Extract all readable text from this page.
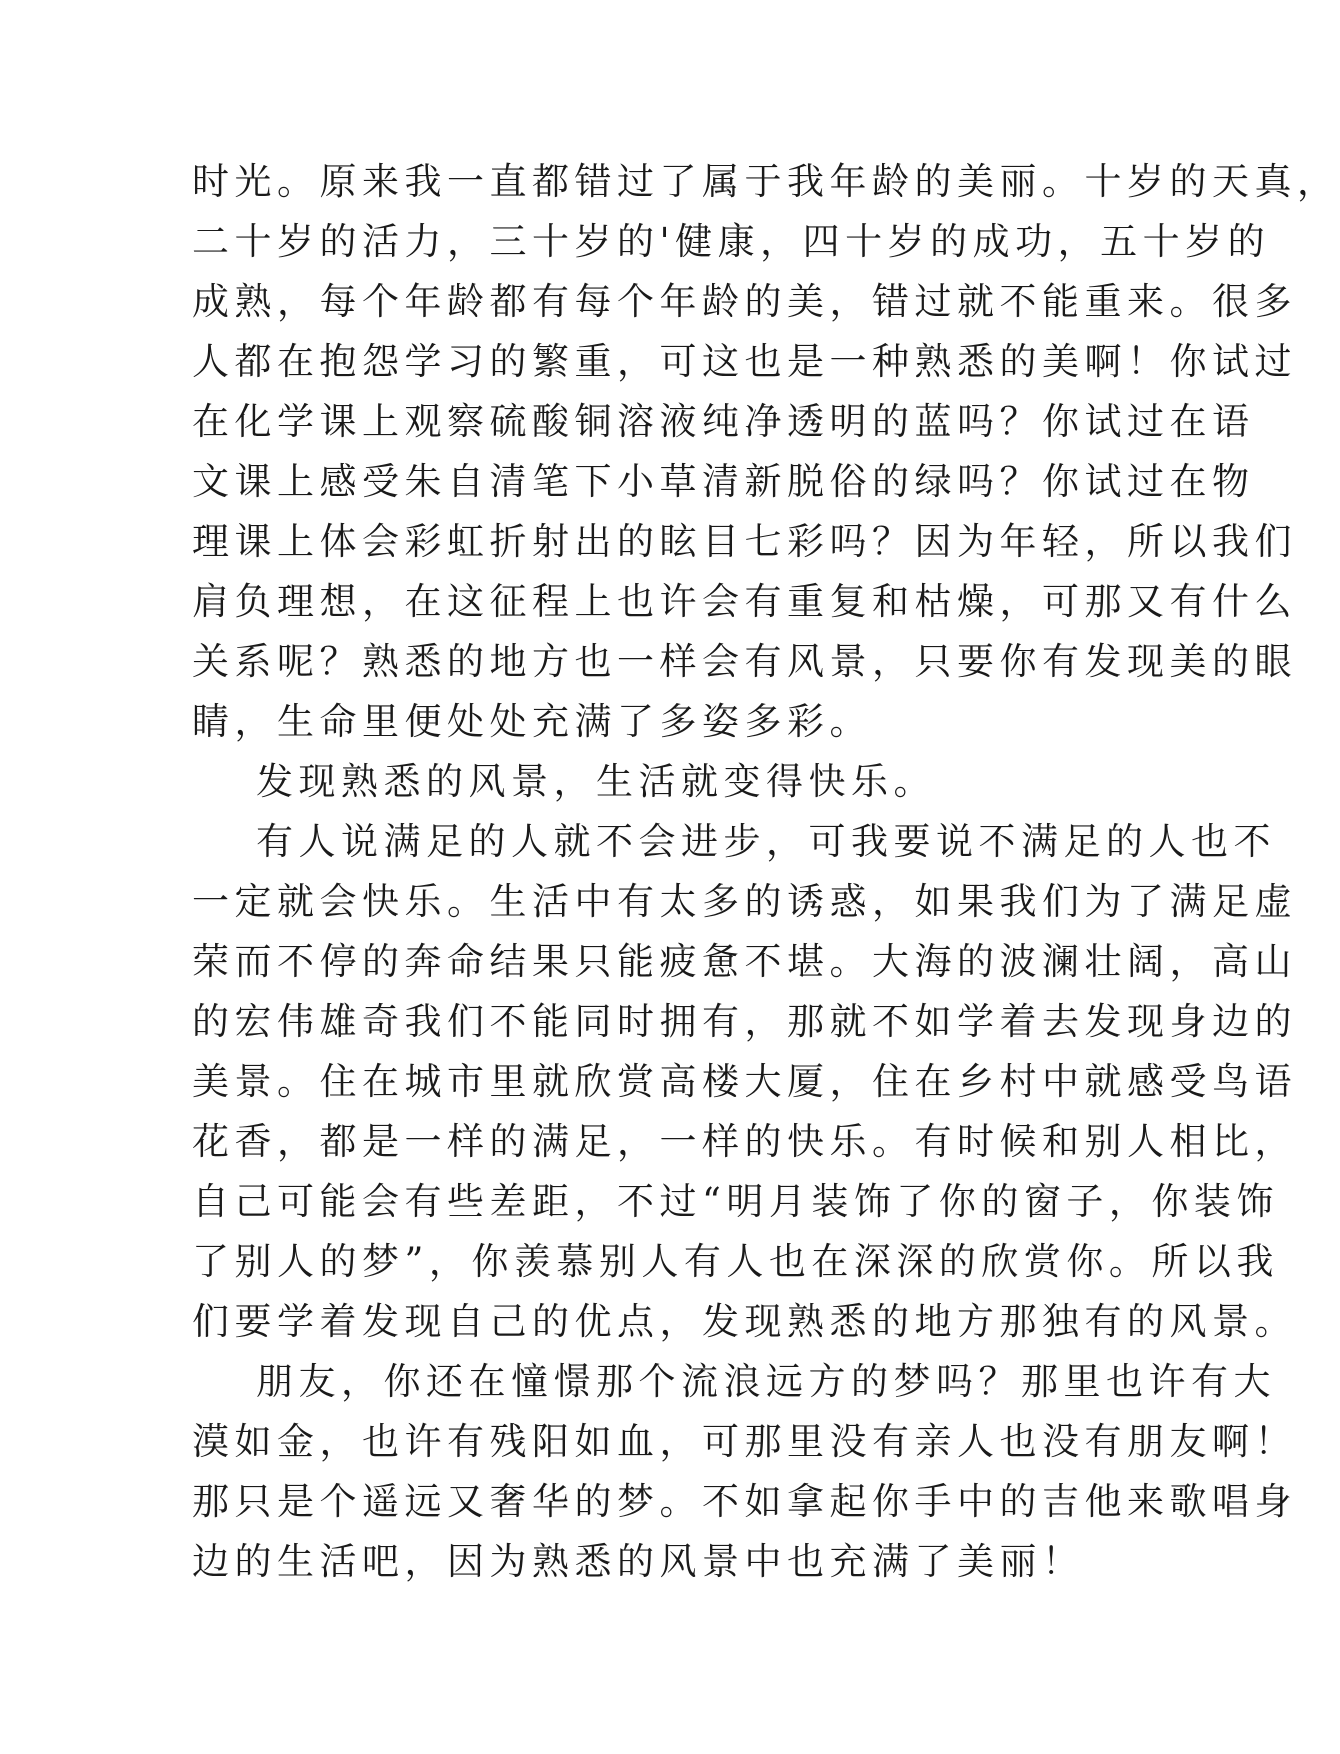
时光。原来我一直都错过了属于我年龄的美丽。十岁的天真，
二十岁的活力，三十岁的'健康，四十岁的成功，五十岁的
成熟，每个年龄都有每个年龄的美，错过就不能重来。很多
人都在抱怨学习的繁重，可这也是一种熟悉的美啊！你试过
在化学课上观察硫酸铜溶液纯净透明的蓝吗？你试过在语
文课上感受朱自清笔下小草清新脱俗的绿吗？你试过在物
理课上体会彩虹折射出的眩目七彩吗？因为年轻，所以我们
肩负理想，在这征程上也许会有重复和枯燥，可那又有什么
关系呢？熟悉的地方也一样会有风景，只要你有发现美的眼
睛，生命里便处处充满了多姿多彩。
发现熟悉的风景，生活就变得快乐。
有人说满足的人就不会进步，可我要说不满足的人也不
一定就会快乐。生活中有太多的诱惑，如果我们为了满足虚
荣而不停的奔命结果只能疲惫不堪。大海的波澜壮阔，高山
的宏伟雄奇我们不能同时拥有，那就不如学着去发现身边的
美景。住在城市里就欣赏高楼大厦，住在乡村中就感受鸟语
花香，都是一样的满足，一样的快乐。有时候和别人相比，
自己可能会有些差距，不过“明月装饰了你的窗子，你装饰
了别人的梦”，你羡慕别人有人也在深深的欣赏你。所以我
们要学着发现自己的优点，发现熟悉的地方那独有的风景。
朋友，你还在憧憬那个流浪远方的梦吗？那里也许有大
漠如金，也许有残阳如血，可那里没有亲人也没有朋友啊！
那只是个遥远又奢华的梦。不如拿起你手中的吉他来歌唱身
边的生活吧，因为熟悉的风景中也充满了美丽！
